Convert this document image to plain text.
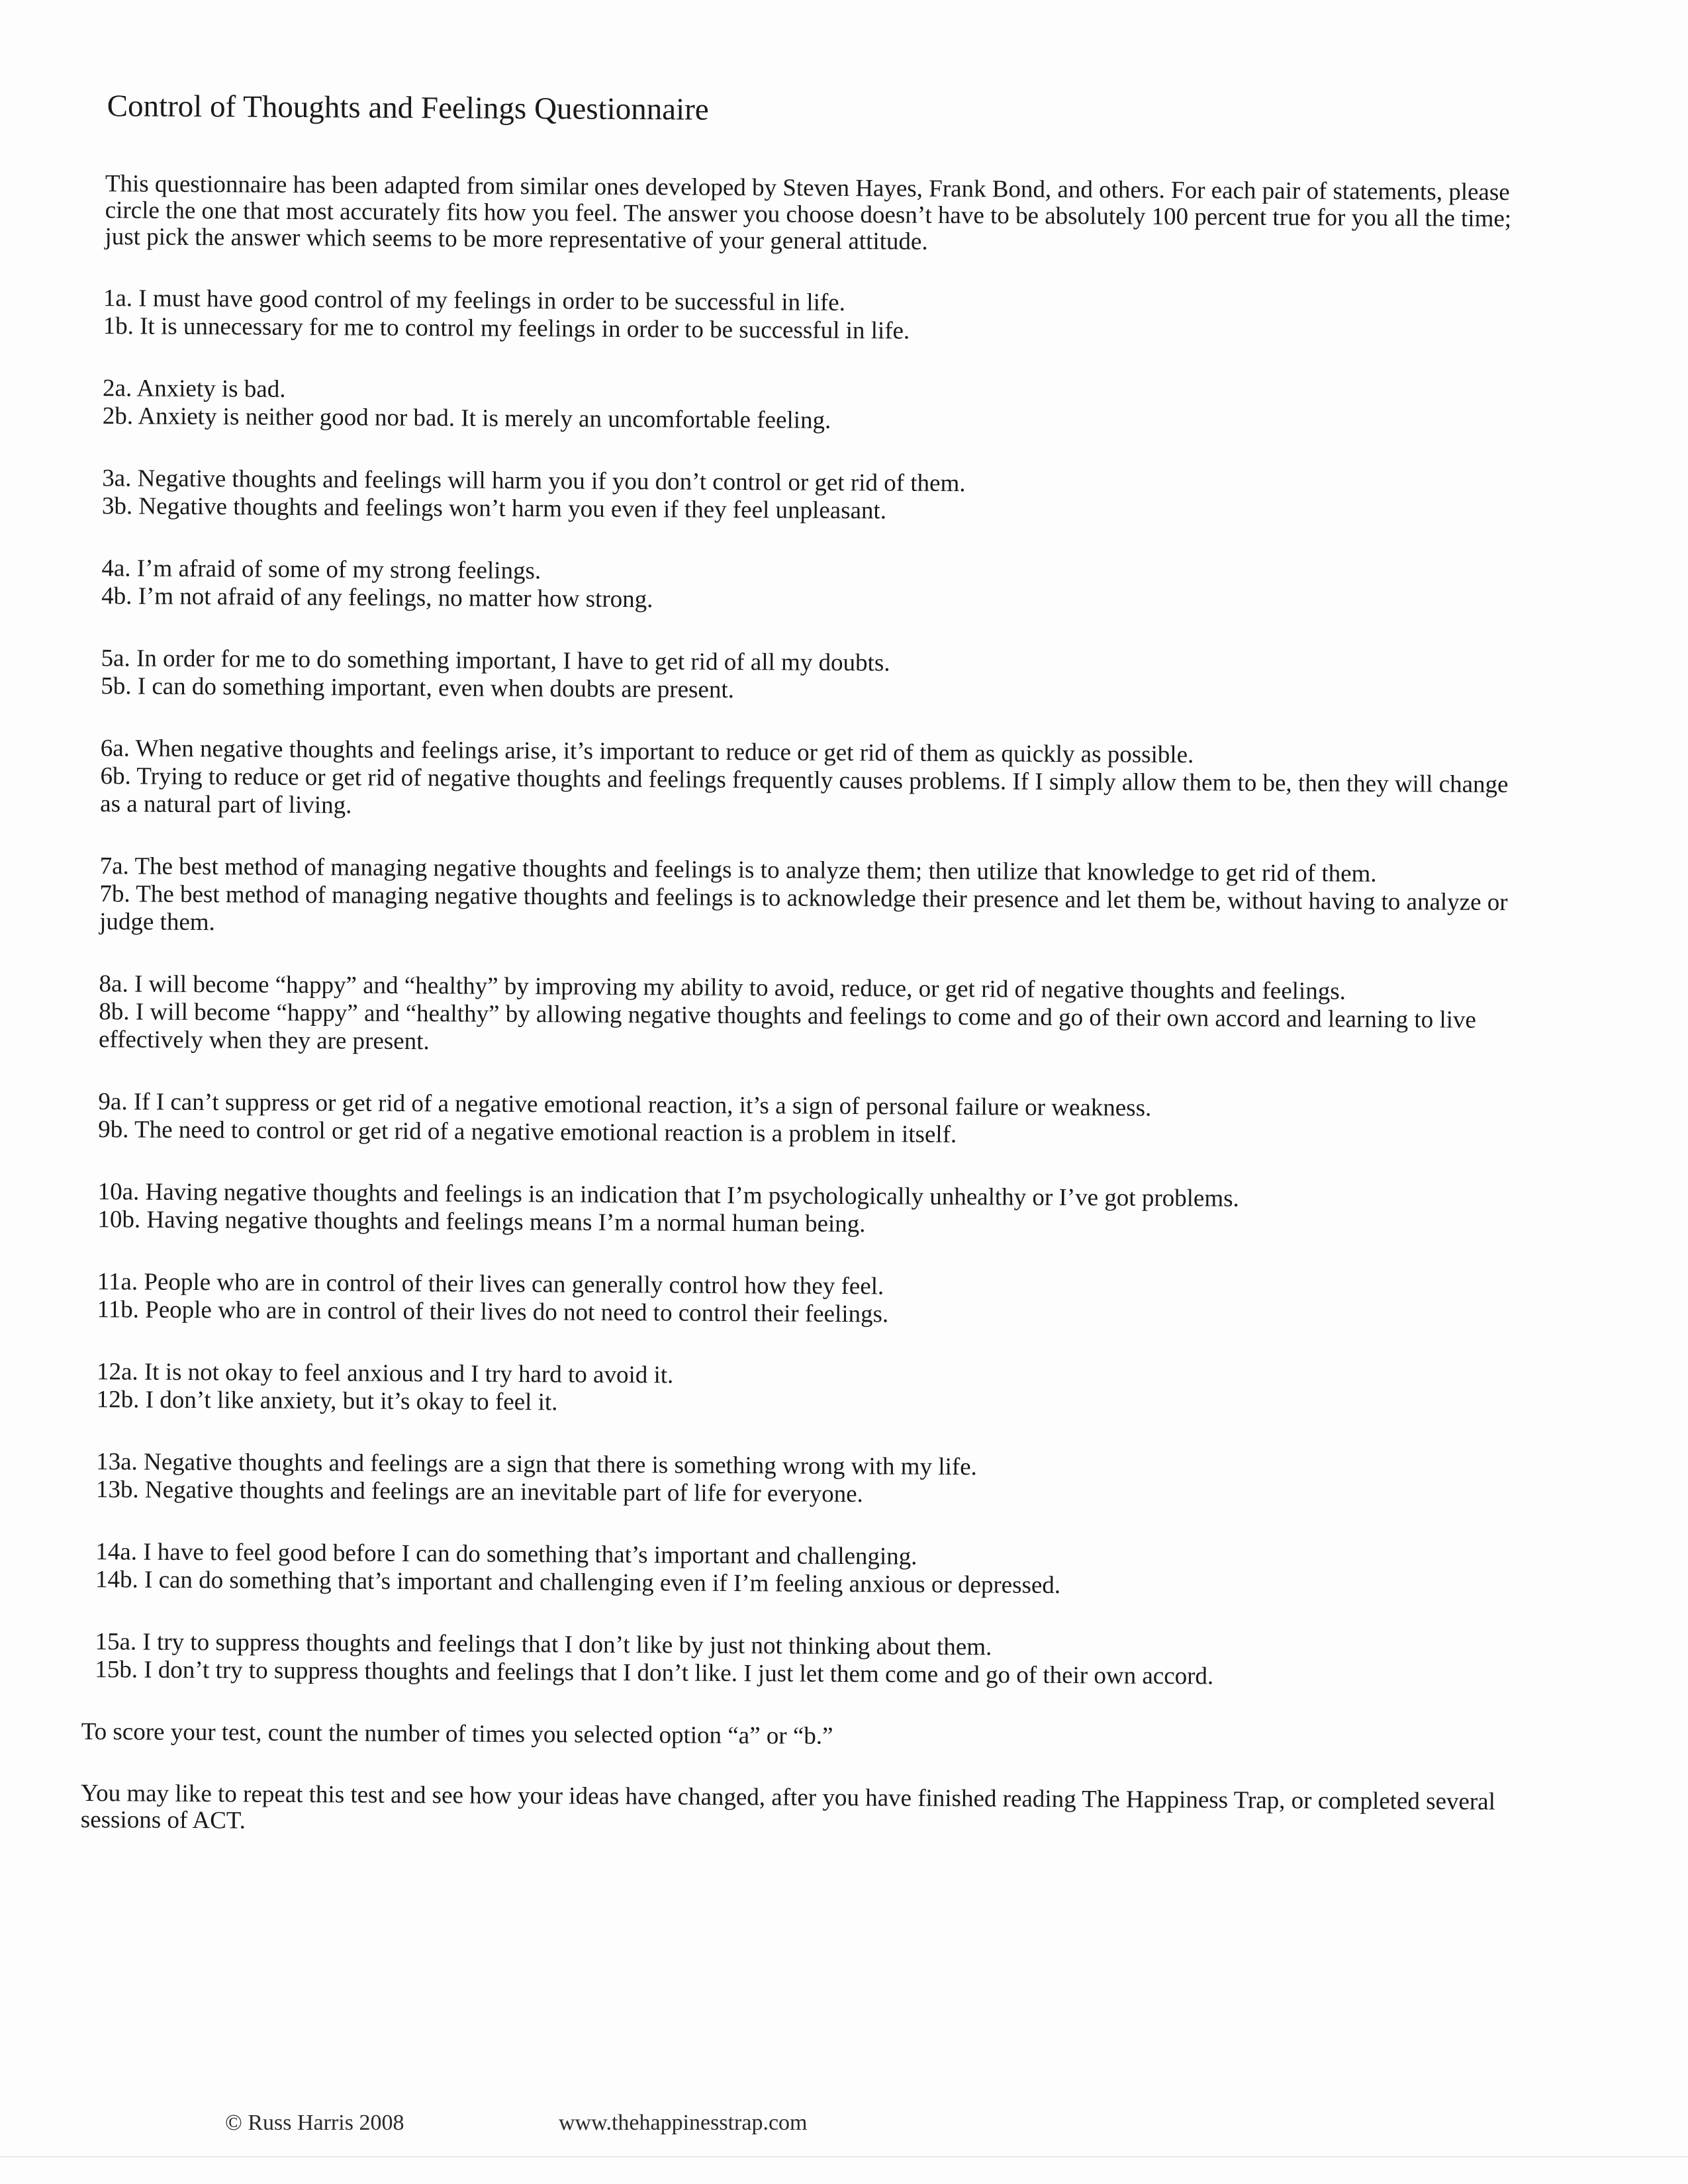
Control of Thoughts and Feelings Questionnaire
This questionnaire has been adapted from similar ones developed by Steven Hayes, Frank Bond, and others. For each pair of statements, please circle the one that most accurately fits how you feel. The answer you choose doesn’t have to be absolutely 100 percent true for you all the time; just pick the answer which seems to be more representative of your general attitude.
1a. I must have good control of my feelings in order to be successful in life.
1b. It is unnecessary for me to control my feelings in order to be successful in life.
2a. Anxiety is bad.
2b. Anxiety is neither good nor bad. It is merely an uncomfortable feeling.
3a. Negative thoughts and feelings will harm you if you don’t control or get rid of them.
3b. Negative thoughts and feelings won’t harm you even if they feel unpleasant.
4a. I’m afraid of some of my strong feelings.
4b. I’m not afraid of any feelings, no matter how strong.
5a. In order for me to do something important, I have to get rid of all my doubts.
5b. I can do something important, even when doubts are present.
6a. When negative thoughts and feelings arise, it’s important to reduce or get rid of them as quickly as possible.
6b. Trying to reduce or get rid of negative thoughts and feelings frequently causes problems. If I simply allow them to be, then they will change as a natural part of living.
7a. The best method of managing negative thoughts and feelings is to analyze them; then utilize that knowledge to get rid of them.
7b. The best method of managing negative thoughts and feelings is to acknowledge their presence and let them be, without having to analyze or judge them.
8a. I will become “happy” and “healthy” by improving my ability to avoid, reduce, or get rid of negative thoughts and feelings.
8b. I will become “happy” and “healthy” by allowing negative thoughts and feelings to come and go of their own accord and learning to live effectively when they are present.
9a. If I can’t suppress or get rid of a negative emotional reaction, it’s a sign of personal failure or weakness.
9b. The need to control or get rid of a negative emotional reaction is a problem in itself.
10a. Having negative thoughts and feelings is an indication that I’m psychologically unhealthy or I’ve got problems.
10b. Having negative thoughts and feelings means I’m a normal human being.
11a. People who are in control of their lives can generally control how they feel.
11b. People who are in control of their lives do not need to control their feelings.
12a. It is not okay to feel anxious and I try hard to avoid it.
12b. I don’t like anxiety, but it’s okay to feel it.
13a. Negative thoughts and feelings are a sign that there is something wrong with my life.
13b. Negative thoughts and feelings are an inevitable part of life for everyone.
14a. I have to feel good before I can do something that’s important and challenging.
14b. I can do something that’s important and challenging even if I’m feeling anxious or depressed.
15a. I try to suppress thoughts and feelings that I don’t like by just not thinking about them.
15b. I don’t try to suppress thoughts and feelings that I don’t like. I just let them come and go of their own accord.
To score your test, count the number of times you selected option “a” or “b.”
You may like to repeat this test and see how your ideas have changed, after you have finished reading The Happiness Trap, or completed several sessions of ACT.
© Russ Harris 2008	www.thehappinesstrap.com
